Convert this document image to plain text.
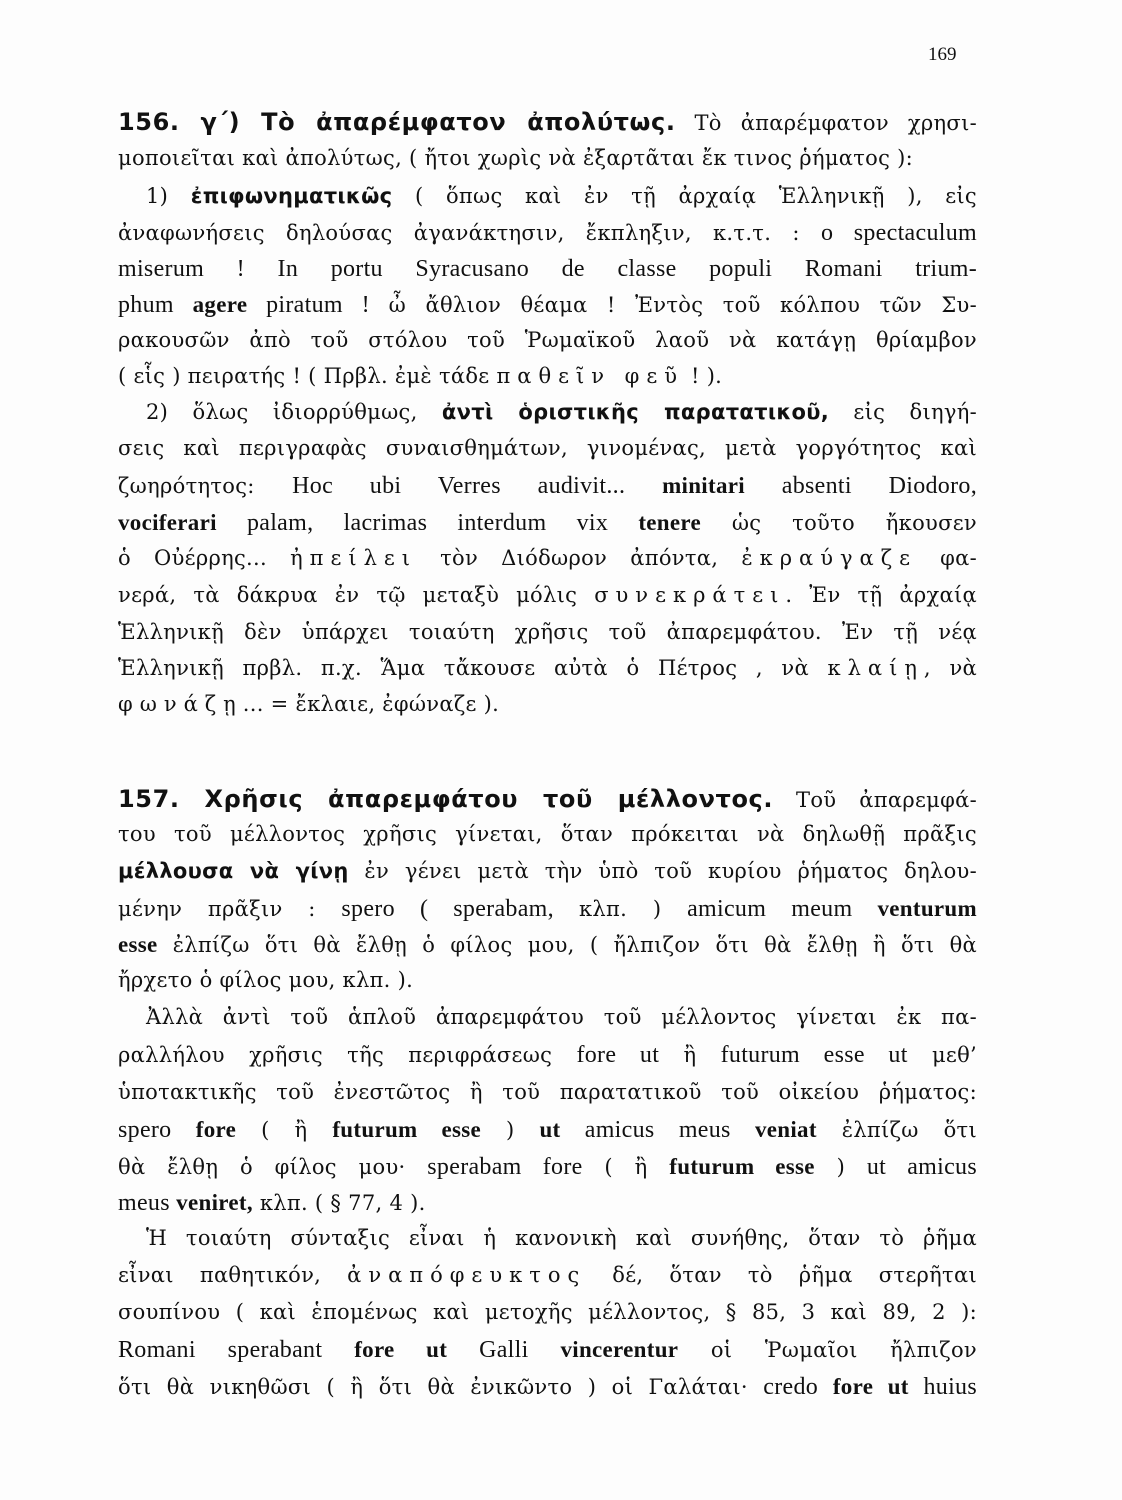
169
156. γ΄) Τὸ ἀπαρέμφατον ἀπολύτως. Τὸ ἀπαρέμφατον χρησι-
μοποιεῖται καὶ ἀπολύτως, ( ἤτοι χωρὶς νὰ ἐξαρτᾶται ἔκ τινος ῥήματος ):
1) ἐπιφωνηματικῶς ( ὅπως καὶ ἐν τῇ ἀρχαίᾳ Ἑλληνικῇ ), εἰς
ἀναφωνήσεις δηλούσας ἀγανάκτησιν, ἔκπληξιν, κ.τ.τ. : o spectaculum
miserum ! In portu Syracusano de classe populi Romani trium-
phum agere piratum ! ὦ ἄθλιον θέαμα ! Ἐντὸς τοῦ κόλπου τῶν Συ-
ρακουσῶν ἀπὸ τοῦ στόλου τοῦ Ῥωμαϊκοῦ λαοῦ νὰ κατάγῃ θρίαμβον
( εἷς ) πειρατής ! ( Πρβλ. ἐμὲ τάδε παθεῖν φεῦ ! ).
2) ὅλως ἰδιορρύθμως, ἀντὶ ὁριστικῆς παρατατικοῦ, εἰς διηγή-
σεις καὶ περιγραφὰς συναισθημάτων, γινομένας, μετὰ γοργότητος καὶ
ζωηρότητος: Hoc ubi Verres audivit... minitari absenti Diodoro,
vociferari palam, lacrimas interdum vix tenere ὡς τοῦτο ἤκουσεν
ὁ Οὐέρρης... ἠπείλει τὸν Διόδωρον ἀπόντα, ἐκραύγαζε φα-
νερά, τὰ δάκρυα ἐν τῷ μεταξὺ μόλις συνεκράτει. Ἐν τῇ ἀρχαίᾳ
Ἑλληνικῇ δὲν ὑπάρχει τοιαύτη χρῆσις τοῦ ἀπαρεμφάτου. Ἐν τῇ νέᾳ
Ἑλληνικῇ πρβλ. π.χ. Ἅμα τἄκουσε αὐτὰ ὁ Πέτρος , νὰ κλαίῃ, νὰ
φωνάζῃ... = ἔκλαιε, ἐφώναζε ).
157. Χρῆσις ἀπαρεμφάτου τοῦ μέλλοντος. Τοῦ ἀπαρεμφά-
του τοῦ μέλλοντος χρῆσις γίνεται, ὅταν πρόκειται νὰ δηλωθῇ πρᾶξις
μέλλουσα νὰ γίνῃ ἐν γένει μετὰ τὴν ὑπὸ τοῦ κυρίου ῥήματος δηλου-
μένην πρᾶξιν : spero ( sperabam, κλπ. ) amicum meum venturum
esse ἐλπίζω ὅτι θὰ ἔλθῃ ὁ φίλος μου, ( ἤλπιζον ὅτι θὰ ἔλθῃ ἢ ὅτι θὰ
ἤρχετο ὁ φίλος μου, κλπ. ).
Ἀλλὰ ἀντὶ τοῦ ἁπλοῦ ἀπαρεμφάτου τοῦ μέλλοντος γίνεται ἐκ πα-
ραλλήλου χρῆσις τῆς περιφράσεως fore ut ἢ futurum esse ut μεθ’
ὑποτακτικῆς τοῦ ἐνεστῶτος ἢ τοῦ παρατατικοῦ τοῦ οἰκείου ῥήματος:
spero fore ( ἢ futurum esse ) ut amicus meus veniat ἐλπίζω ὅτι
θὰ ἔλθῃ ὁ φίλος μου· sperabam fore ( ἢ futurum esse ) ut amicus
meus veniret, κλπ. ( § 77, 4 ).
Ἡ τοιαύτη σύνταξις εἶναι ἡ κανονικὴ καὶ συνήθης, ὅταν τὸ ῥῆμα
εἶναι παθητικόν, ἀναπόφευκτος δέ, ὅταν τὸ ῥῆμα στερῆται
σουπίνου ( καὶ ἑπομένως καὶ μετοχῆς μέλλοντος, § 85, 3 καὶ 89, 2 ):
Romani sperabant fore ut Galli vincerentur οἱ Ῥωμαῖοι ἤλπιζον
ὅτι θὰ νικηθῶσι ( ἢ ὅτι θὰ ἐνικῶντο ) οἱ Γαλάται· credo fore ut huius
